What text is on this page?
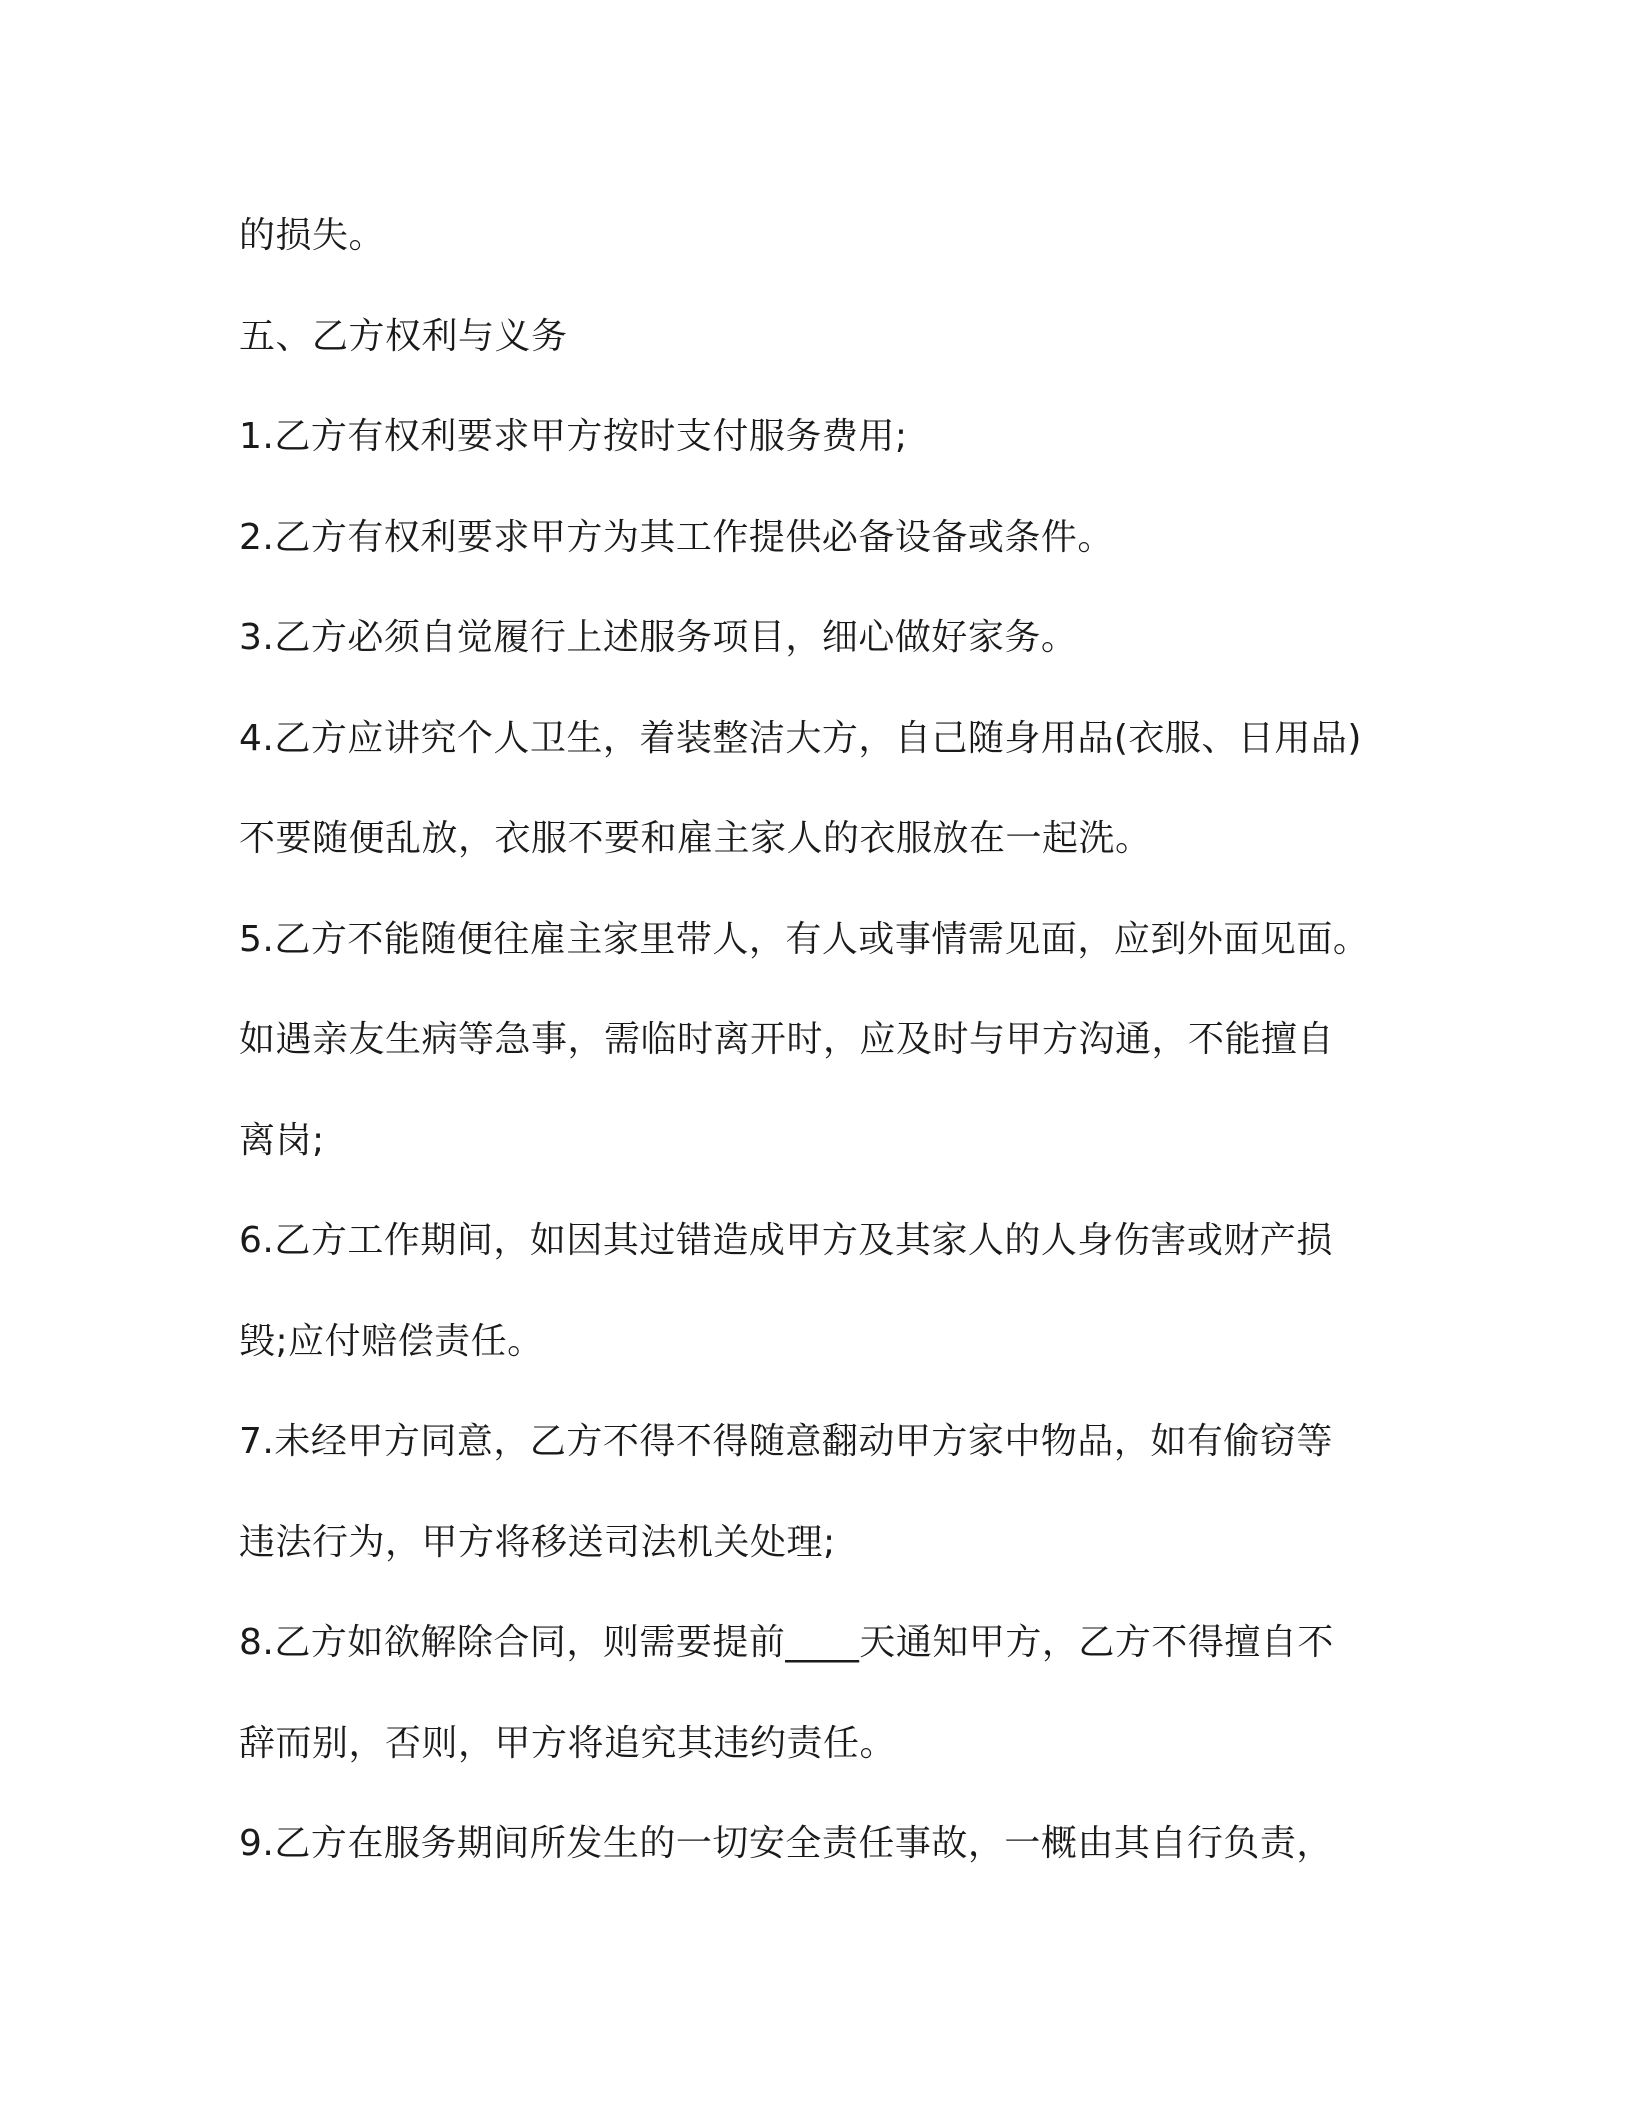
的损失。
五、乙方权利与义务
1.乙方有权利要求甲方按时支付服务费用;
2.乙方有权利要求甲方为其工作提供必备设备或条件。
3.乙方必须自觉履行上述服务项目，细心做好家务。
4.乙方应讲究个人卫生，着装整洁大方，自己随身用品(衣服、日用品)
不要随便乱放，衣服不要和雇主家人的衣服放在一起洗。
5.乙方不能随便往雇主家里带人，有人或事情需见面，应到外面见面。
如遇亲友生病等急事，需临时离开时，应及时与甲方沟通，不能擅自
离岗;
6.乙方工作期间，如因其过错造成甲方及其家人的人身伤害或财产损
毁;应付赔偿责任。
7.未经甲方同意，乙方不得不得随意翻动甲方家中物品，如有偷窃等
违法行为，甲方将移送司法机关处理;
8.乙方如欲解除合同，则需要提前____天通知甲方，乙方不得擅自不
辞而别，否则，甲方将追究其违约责任。
9.乙方在服务期间所发生的一切安全责任事故，一概由其自行负责，
